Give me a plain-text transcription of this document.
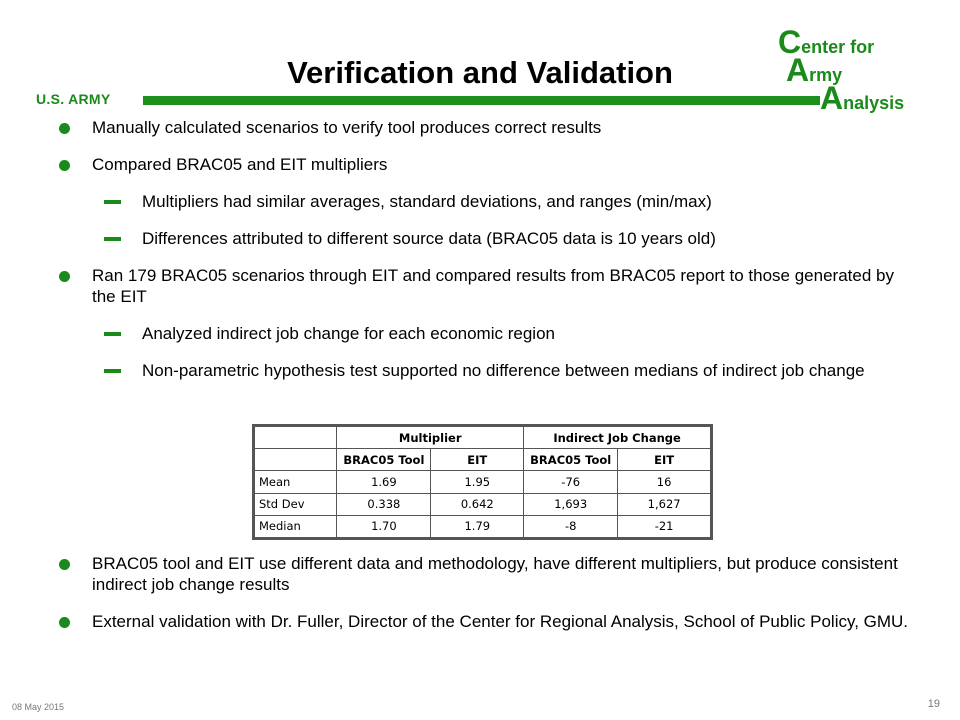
U.S. ARMY
Verification and Validation
Center for
Army
Analysis
Manually calculated scenarios to verify tool produces correct results
Compared BRAC05 and EIT multipliers
Multipliers had similar averages, standard deviations, and ranges (min/max)
Differences attributed to different source data (BRAC05 data is 10 years old)
Ran 179 BRAC05 scenarios through EIT and compared results from BRAC05 report to those generated by the EIT
Analyzed indirect job change for each economic region
Non-parametric hypothesis test supported no difference between medians of indirect job change
	Multiplier		Indirect Job Change	
	BRAC05 Tool	EIT	BRAC05 Tool	EIT
Mean	1.69	1.95	-76	16
Std Dev	0.338	0.642	1,693	1,627
Median	1.70	1.79	-8	-21
BRAC05 tool and EIT use different data and methodology, have different multipliers, but produce consistent indirect job change results
External validation with Dr. Fuller, Director of the Center for Regional Analysis, School of Public Policy, GMU.
08 May 2015	19
